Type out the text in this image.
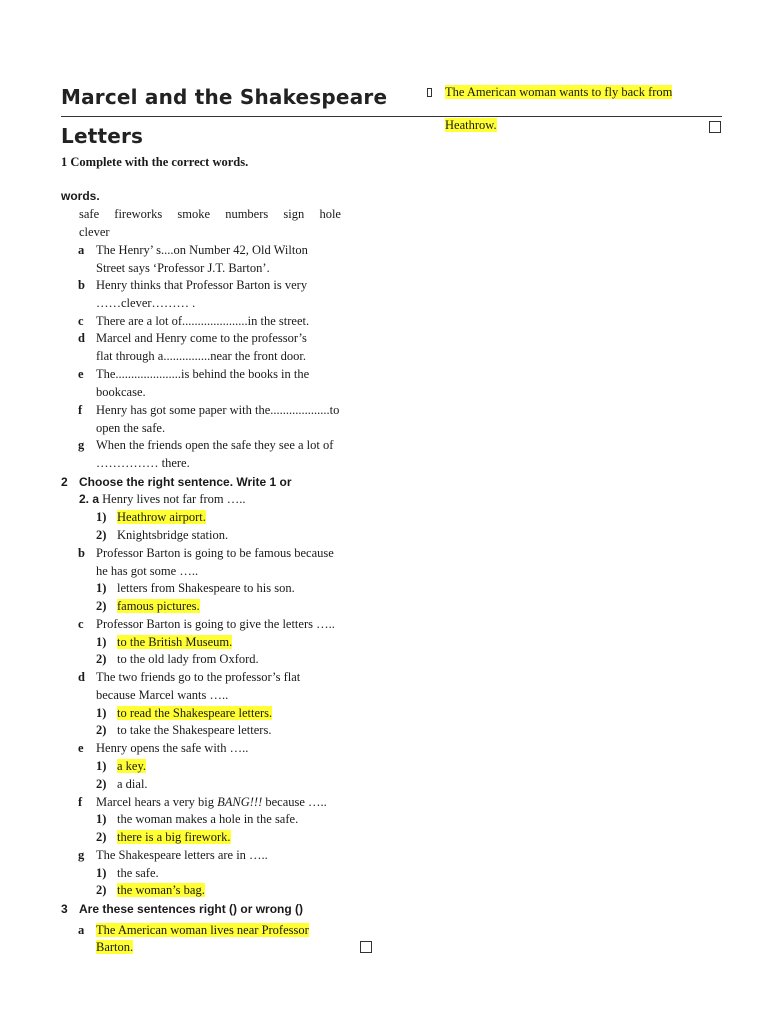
Marcel and the Shakespeare
Letters
The American woman wants to fly back from
Heathrow.
1 Complete with the correct words.
words.
safe fireworks smoke numbers sign hole
clever
a The Henry’ s....on Number 42, Old Wilton
Street says ‘Professor J.T. Barton’.
b Henry thinks that Professor Barton is very
……clever……… .
c There are a lot of.....................in the street.
d Marcel and Henry come to the professor’s
flat through a...............near the front door.
e The.....................is behind the books in the
bookcase.
f Henry has got some paper with the...................to
open the safe.
g When the friends open the safe they see a lot of
…………… there.
2 Choose the right sentence. Write 1 or
2. a Henry lives not far from …..
1) Heathrow airport.
2) Knightsbridge station.
b Professor Barton is going to be famous because
he has got some …..
1) letters from Shakespeare to his son.
2) famous pictures.
c Professor Barton is going to give the letters …..
1) to the British Museum.
2) to the old lady from Oxford.
d The two friends go to the professor’s flat
because Marcel wants …..
1) to read the Shakespeare letters.
2) to take the Shakespeare letters.
e Henry opens the safe with …..
1) a key.
2) a dial.
f Marcel hears a very big BANG!!! because …..
1) the woman makes a hole in the safe.
2) there is a big firework.
g The Shakespeare letters are in …..
1) the safe.
2) the woman’s bag.
3 Are these sentences right () or wrong ()
a The American woman lives near Professor
Barton.
